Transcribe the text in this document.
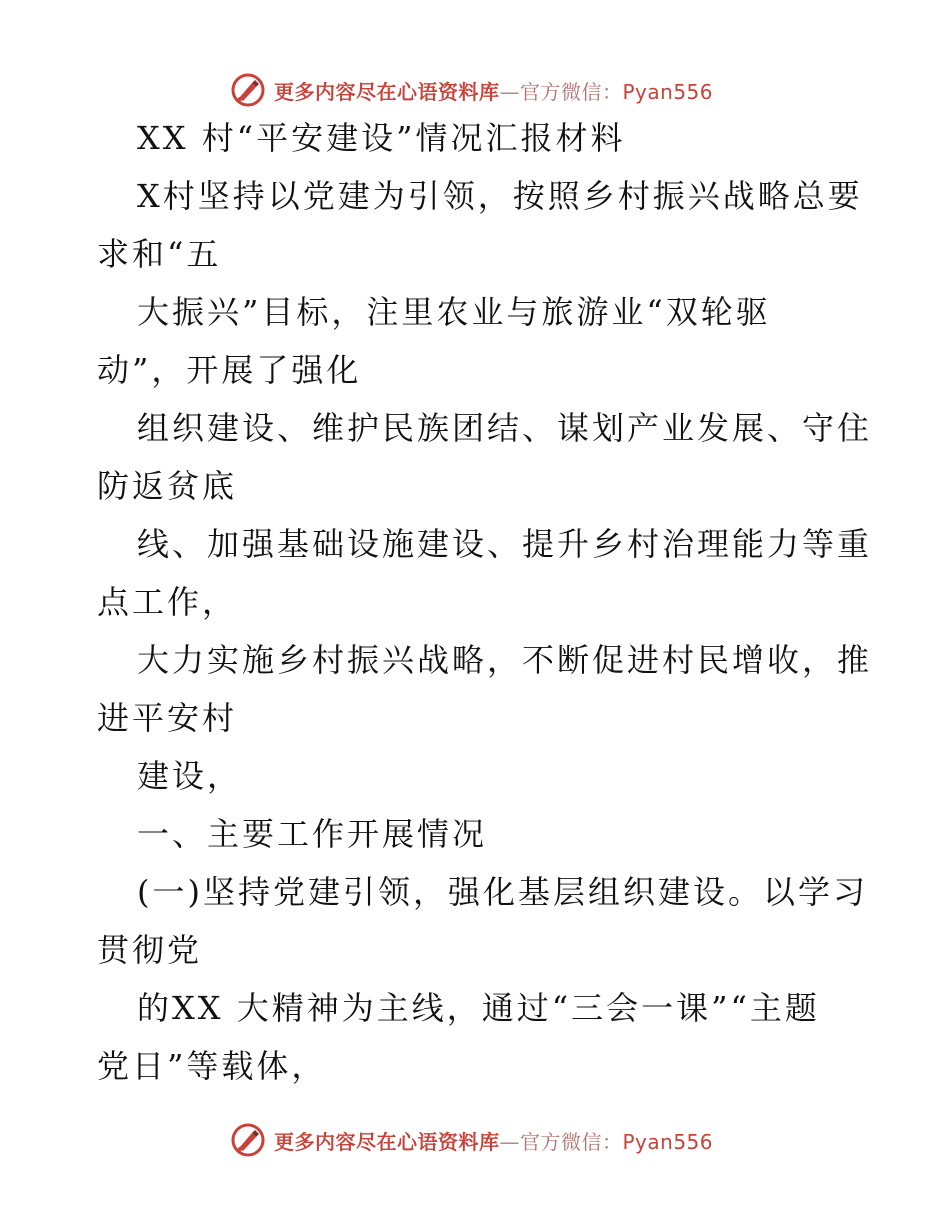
更多内容尽在心语资料库—官方微信：Pyan556
XX 村“平安建设”情况汇报材料
X村坚持以党建为引领，按照乡村振兴战略总要
求和“五
大振兴”目标，注里农业与旅游业“双轮驱
动”，开展了强化
组织建设、维护民族团结、谋划产业发展、守住
防返贫底
线、加强基础设施建设、提升乡村治理能力等重
点工作，
大力实施乡村振兴战略，不断促进村民增收，推
进平安村
建设，
一、主要工作开展情况
(一)坚持党建引领，强化基层组织建设。以学习
贯彻党
的XX 大精神为主线，通过“三会一课”“主题
党日”等载体，
更多内容尽在心语资料库—官方微信：Pyan556
